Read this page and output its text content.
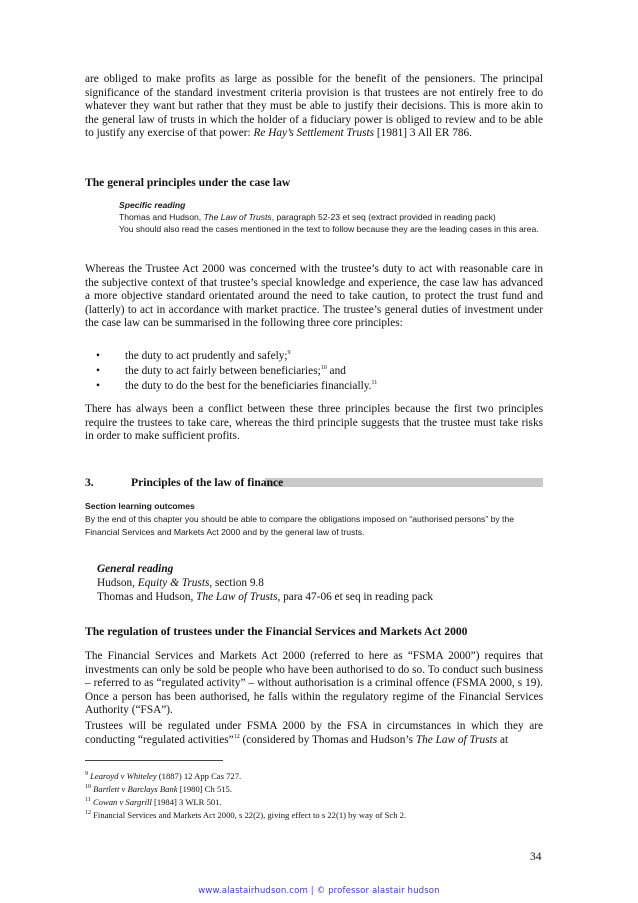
are obliged to make profits as large as possible for the benefit of the pensioners. The principal significance of the standard investment criteria provision is that trustees are not entirely free to do whatever they want but rather that they must be able to justify their decisions. This is more akin to the general law of trusts in which the holder of a fiduciary power is obliged to review and to be able to justify any exercise of that power: Re Hay’s Settlement Trusts [1981] 3 All ER 786.
The general principles under the case law
Specific reading
Thomas and Hudson, The Law of Trusts, paragraph 52-23 et seq (extract provided in reading pack)
You should also read the cases mentioned in the text to follow because they are the leading cases in this area.
Whereas the Trustee Act 2000 was concerned with the trustee’s duty to act with reasonable care in the subjective context of that trustee’s special knowledge and experience, the case law has advanced a more objective standard orientated around the need to take caution, to protect the trust fund and (latterly) to act in accordance with market practice. The trustee’s general duties of investment under the case law can be summarised in the following three core principles:
• the duty to act prudently and safely;$^9$
• the duty to act fairly between beneficiaries;$^{10}$ and
• the duty to do the best for the beneficiaries financially.$^{11}$
There has always been a conflict between these three principles because the first two principles require the trustees to take care, whereas the third principle suggests that the trustee must take risks in order to make sufficient profits.
3.	Principles of the law of finance
Section learning outcomes
By the end of this chapter you should be able to compare the obligations imposed on “authorised persons” by the Financial Services and Markets Act 2000 and by the general law of trusts.
General reading
Hudson, Equity & Trusts, section 9.8
Thomas and Hudson, The Law of Trusts, para 47-06 et seq in reading pack
The regulation of trustees under the Financial Services and Markets Act 2000
The Financial Services and Markets Act 2000 (referred to here as “FSMA 2000”) requires that investments can only be sold be people who have been authorised to do so. To conduct such business – referred to as “regulated activity” – without authorisation is a criminal offence (FSMA 2000, s 19). Once a person has been authorised, he falls within the regulatory regime of the Financial Services Authority (“FSA”).
Trustees will be regulated under FSMA 2000 by the FSA in circumstances in which they are conducting “regulated activities”$^{12}$ (considered by Thomas and Hudson’s The Law of Trusts at
$^9$ Learoyd v Whiteley (1887) 12 App Cas 727.
$^{10}$ Bartlett v Barclays Bank [1980] Ch 515.
$^{11}$ Cowan v Sargrill [1984] 3 WLR 501.
$^{12}$ Financial Services and Markets Act 2000, s 22(2), giving effect to s 22(1) by way of Sch 2.
34
www.alastairhudson.com | © professor alastair hudson
